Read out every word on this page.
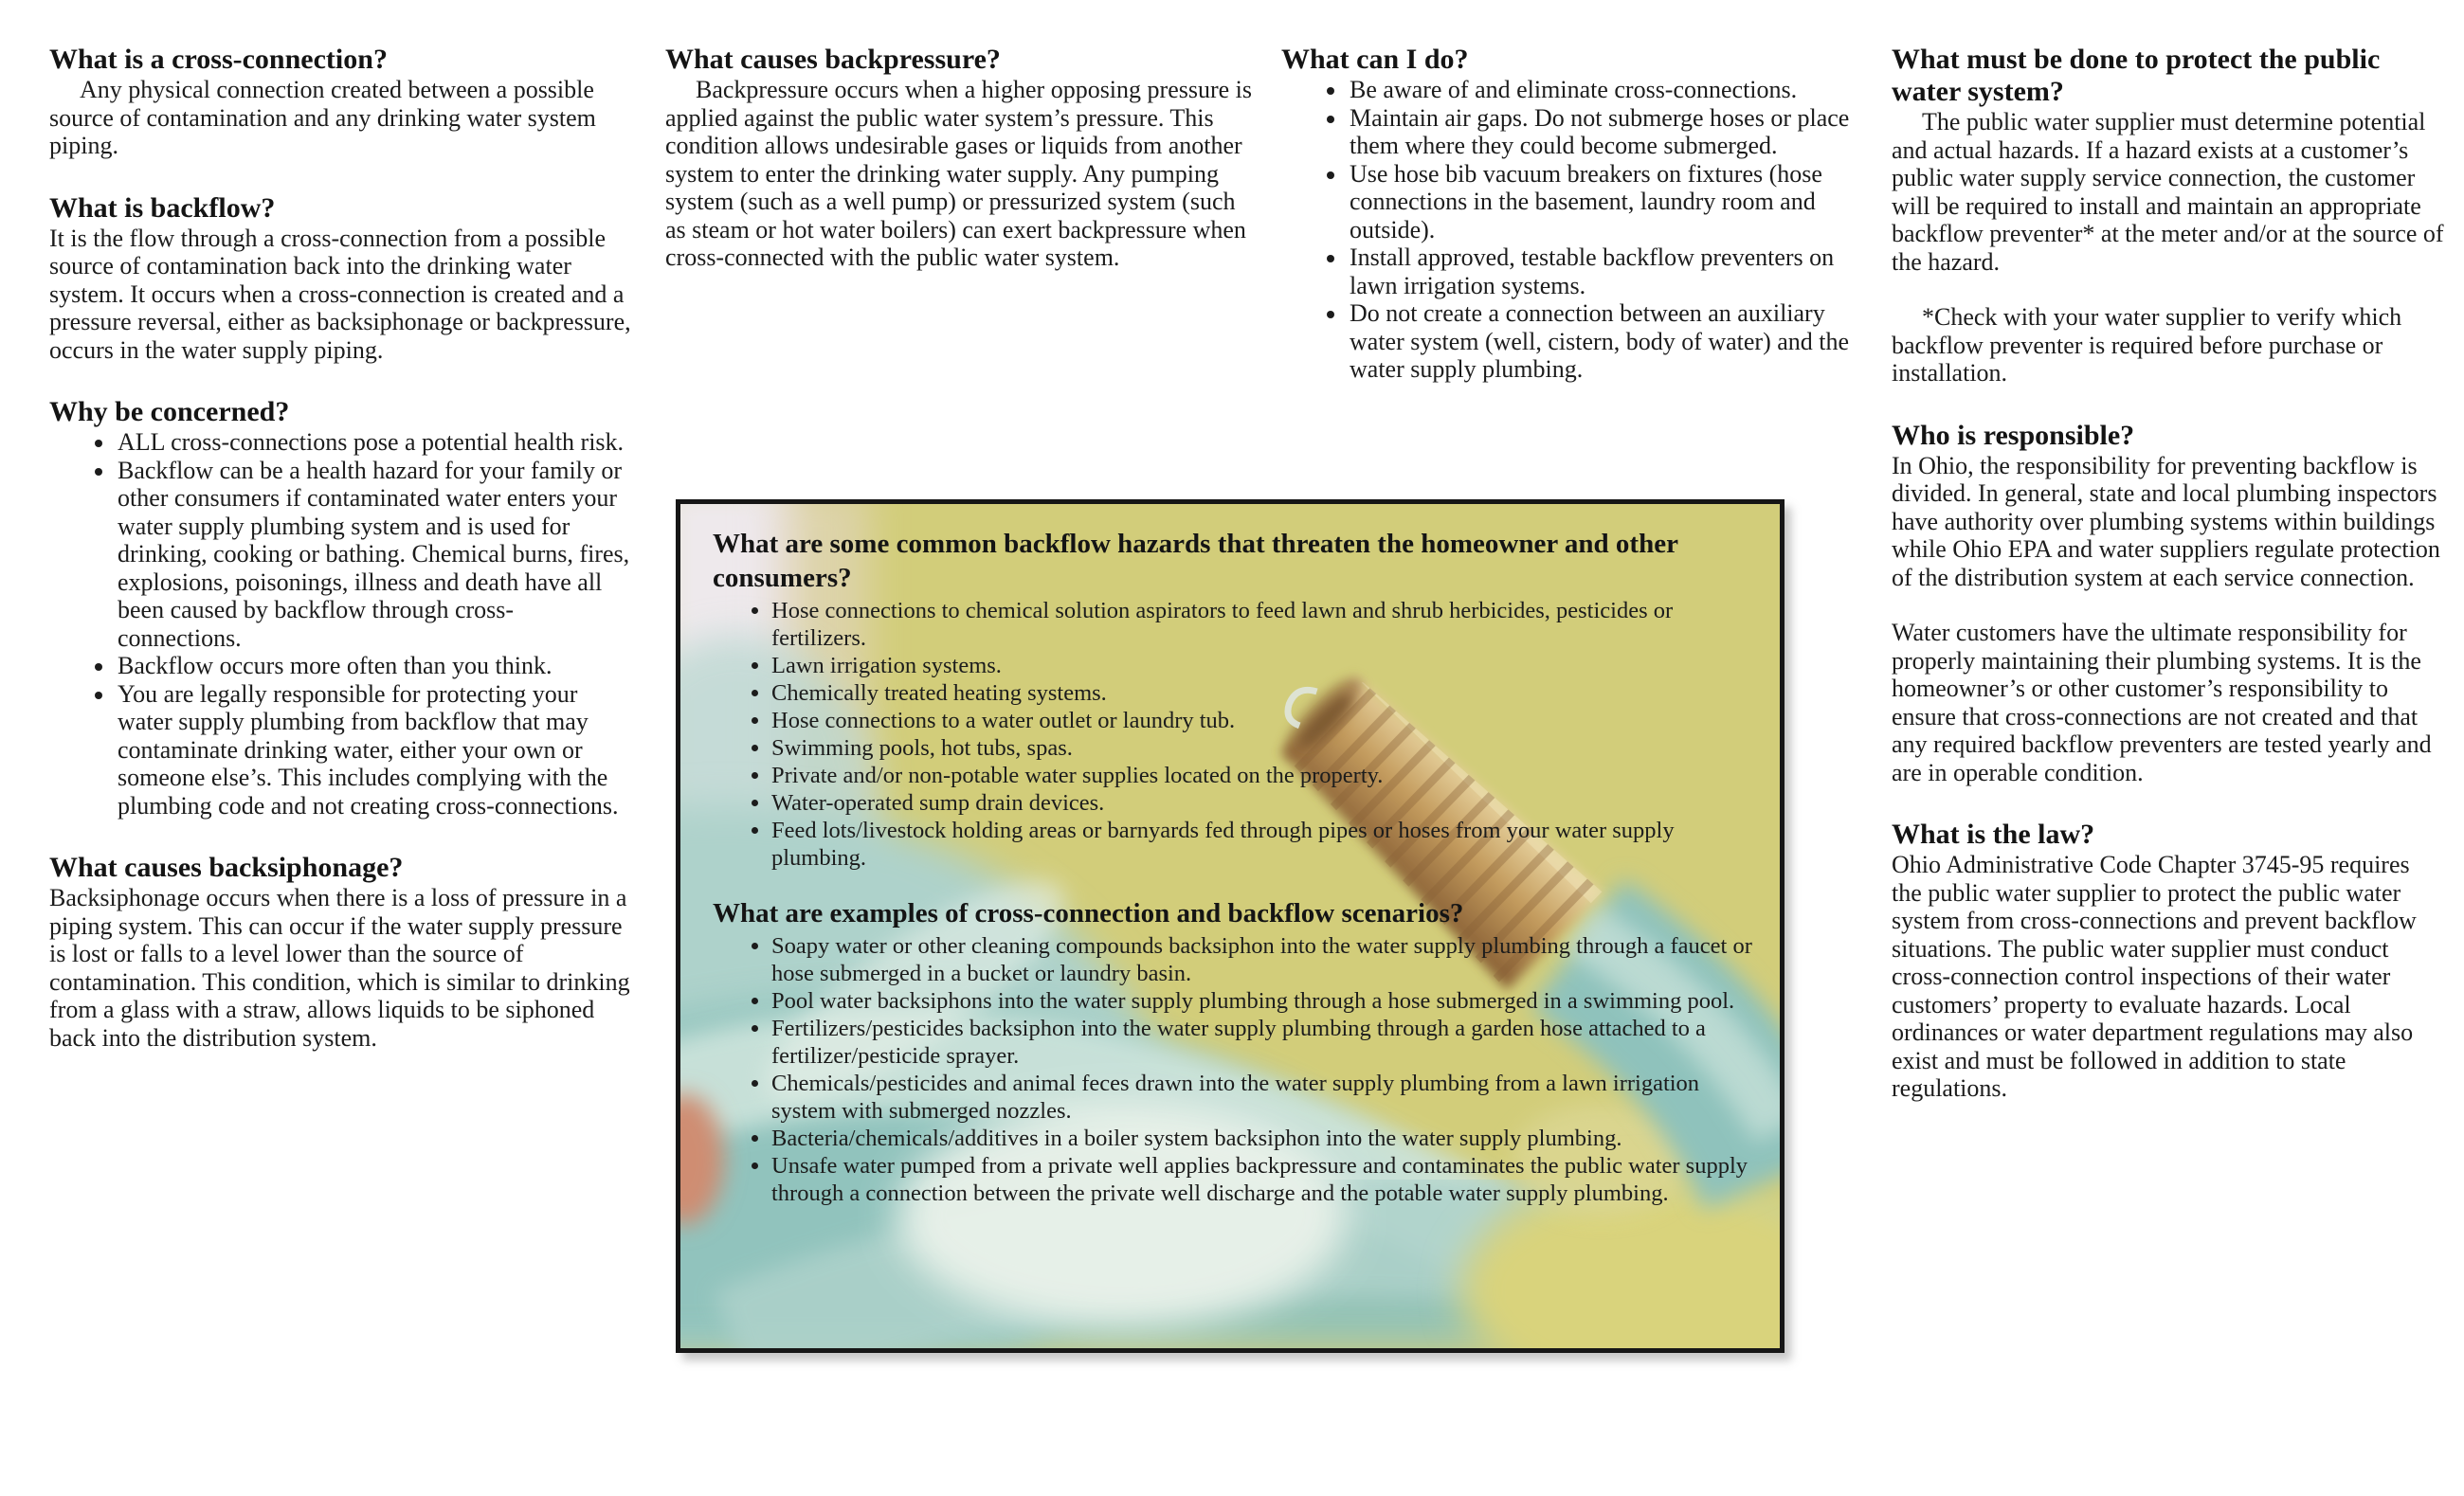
What is a cross-connection?

Any physical connection created between a possible source of contamination and any drinking water system piping.

What is backflow?

It is the flow through a cross-connection from a possible source of contamination back into the drinking water system. It occurs when a cross-connection is created and a pressure reversal, either as backsiphonage or backpressure, occurs in the water supply piping.

Why be concerned?
• ALL cross-connections pose a potential health risk.
• Backflow can be a health hazard for your family or other consumers if contaminated water enters your water supply plumbing system and is used for drinking, cooking or bathing. Chemical burns, fires, explosions, poisonings, illness and death have all been caused by backflow through cross-connections.
• Backflow occurs more often than you think.
• You are legally responsible for protecting your water supply plumbing from backflow that may contaminate drinking water, either your own or someone else’s. This includes complying with the plumbing code and not creating cross-connections.
What causes backsiphonage?

Backsiphonage occurs when there is a loss of pressure in a piping system. This can occur if the water supply pressure is lost or falls to a level lower than the source of contamination. This condition, which is similar to drinking from a glass with a straw, allows liquids to be siphoned back into the distribution system.

What causes backpressure?

Backpressure occurs when a higher opposing pressure is applied against the public water system’s pressure. This condition allows undesirable gases or liquids from another system to enter the drinking water supply. Any pumping system (such as a well pump) or pressurized system (such as steam or hot water boilers) can exert backpressure when cross-connected with the public water system.

What can I do?
• Be aware of and eliminate cross-connections.
• Maintain air gaps. Do not submerge hoses or place them where they could become submerged.
• Use hose bib vacuum breakers on fixtures (hose connections in the basement, laundry room and outside).
• Install approved, testable backflow preventers on lawn irrigation systems.
• Do not create a connection between an auxiliary water system (well, cistern, body of water) and the water supply plumbing.
What must be done to protect the public water system?

The public water supplier must determine potential and actual hazards. If a hazard exists at a customer’s public water supply service connection, the customer will be required to install and maintain an appropriate backflow preventer* at the meter and/or at the source of the hazard.

*Check with your water supplier to verify which backflow preventer is required before purchase or installation.

Who is responsible?

In Ohio, the responsibility for preventing backflow is divided. In general, state and local plumbing inspectors have authority over plumbing systems within buildings while Ohio EPA and water suppliers regulate protection of the distribution system at each service connection.

Water customers have the ultimate responsibility for properly maintaining their plumbing systems. It is the homeowner’s or other customer’s responsibility to ensure that cross-connections are not created and that any required backflow preventers are tested yearly and are in operable condition.

What is the law?

Ohio Administrative Code Chapter 3745-95 requires the public water supplier to protect the public water system from cross-connections and prevent backflow situations. The public water supplier must conduct cross-connection control inspections of their water customers’ property to evaluate hazards. Local ordinances or water department regulations may also exist and must be followed in addition to state regulations.

What are some common backflow hazards that threaten the homeowner and other consumers?
• Hose connections to chemical solution aspirators to feed lawn and shrub herbicides, pesticides or fertilizers.
• Lawn irrigation systems.
• Chemically treated heating systems.
• Hose connections to a water outlet or laundry tub.
• Swimming pools, hot tubs, spas.
• Private and/or non-potable water supplies located on the property.
• Water-operated sump drain devices.
• Feed lots/livestock holding areas or barnyards fed through pipes or hoses from your water supply plumbing.
What are examples of cross-connection and backflow scenarios?
• Soapy water or other cleaning compounds backsiphon into the water supply plumbing through a faucet or hose submerged in a bucket or laundry basin.
• Pool water backsiphons into the water supply plumbing through a hose submerged in a swimming pool.
• Fertilizers/pesticides backsiphon into the water supply plumbing through a garden hose attached to a fertilizer/pesticide sprayer.
• Chemicals/pesticides and animal feces drawn into the water supply plumbing from a lawn irrigation system with submerged nozzles.
• Bacteria/chemicals/additives in a boiler system backsiphon into the water supply plumbing.
• Unsafe water pumped from a private well applies backpressure and contaminates the public water supply through a connection between the private well discharge and the potable water supply plumbing.
